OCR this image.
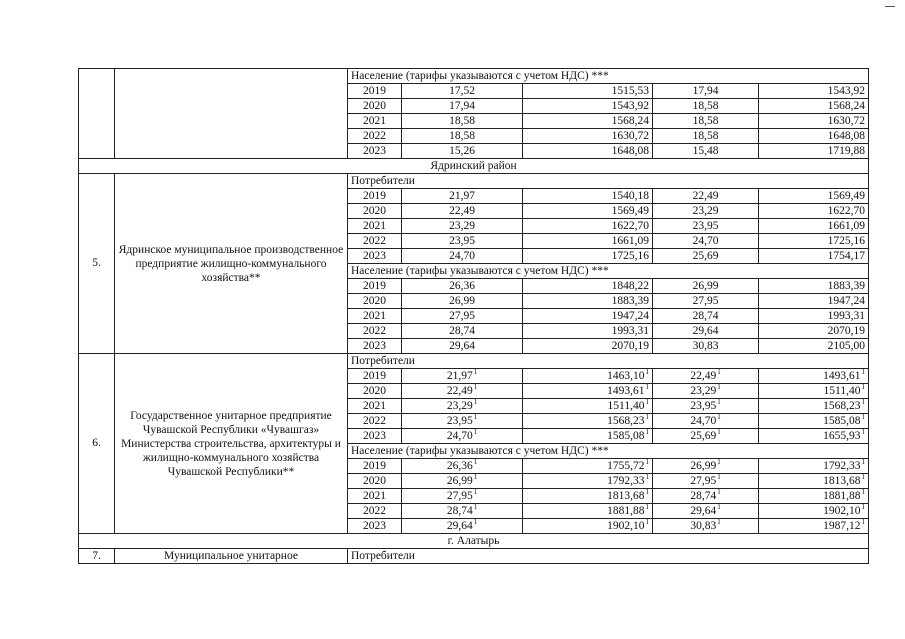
		Население (тарифы указываются с учетом НДС) ***				
		2019	17,52	1515,53	17,94	1543,92
		2020	17,94	1543,92	18,58	1568,24
		2021	18,58	1568,24	18,58	1630,72
		2022	18,58	1630,72	18,58	1648,08
		2023	15,26	1648,08	15,48	1719,88
Ядринский район						
5.	Ядринское муниципальное производственное предприятие жилищно-коммунального хозяйства**	Потребители				
		2019	21,97	1540,18	22,49	1569,49
		2020	22,49	1569,49	23,29	1622,70
		2021	23,29	1622,70	23,95	1661,09
		2022	23,95	1661,09	24,70	1725,16
		2023	24,70	1725,16	25,69	1754,17
		Население (тарифы указываются с учетом НДС) ***				
		2019	26,36	1848,22	26,99	1883,39
		2020	26,99	1883,39	27,95	1947,24
		2021	27,95	1947,24	28,74	1993,31
		2022	28,74	1993,31	29,64	2070,19
		2023	29,64	2070,19	30,83	2105,00
6.	Государственное унитарное предприятие Чувашской Республики «Чувашгаз» Министерства строительства, архитектуры и жилищно-коммунального хозяйства Чувашской Республики**	Потребители				
		2019	21,97$^1$	1463,10$^1$	22,49$^1$	1493,61$^1$
		2020	22,49$^1$	1493,61$^1$	23,29$^1$	1511,40$^1$
		2021	23,29$^1$	1511,40$^1$	23,95$^1$	1568,23$^1$
		2022	23,95$^1$	1568,23$^1$	24,70$^1$	1585,08$^1$
		2023	24,70$^1$	1585,08$^1$	25,69$^1$	1655,93$^1$
		Население (тарифы указываются с учетом НДС) ***				
		2019	26,36$^1$	1755,72$^1$	26,99$^1$	1792,33$^1$
		2020	26,99$^1$	1792,33$^1$	27,95$^1$	1813,68$^1$
		2021	27,95$^1$	1813,68$^1$	28,74$^1$	1881,88$^1$
		2022	28,74$^1$	1881,88$^1$	29,64$^1$	1902,10$^1$
		2023	29,64$^1$	1902,10$^1$	30,83$^1$	1987,12$^1$
г. Алатырь						
7.	Муниципальное унитарное	Потребители				
